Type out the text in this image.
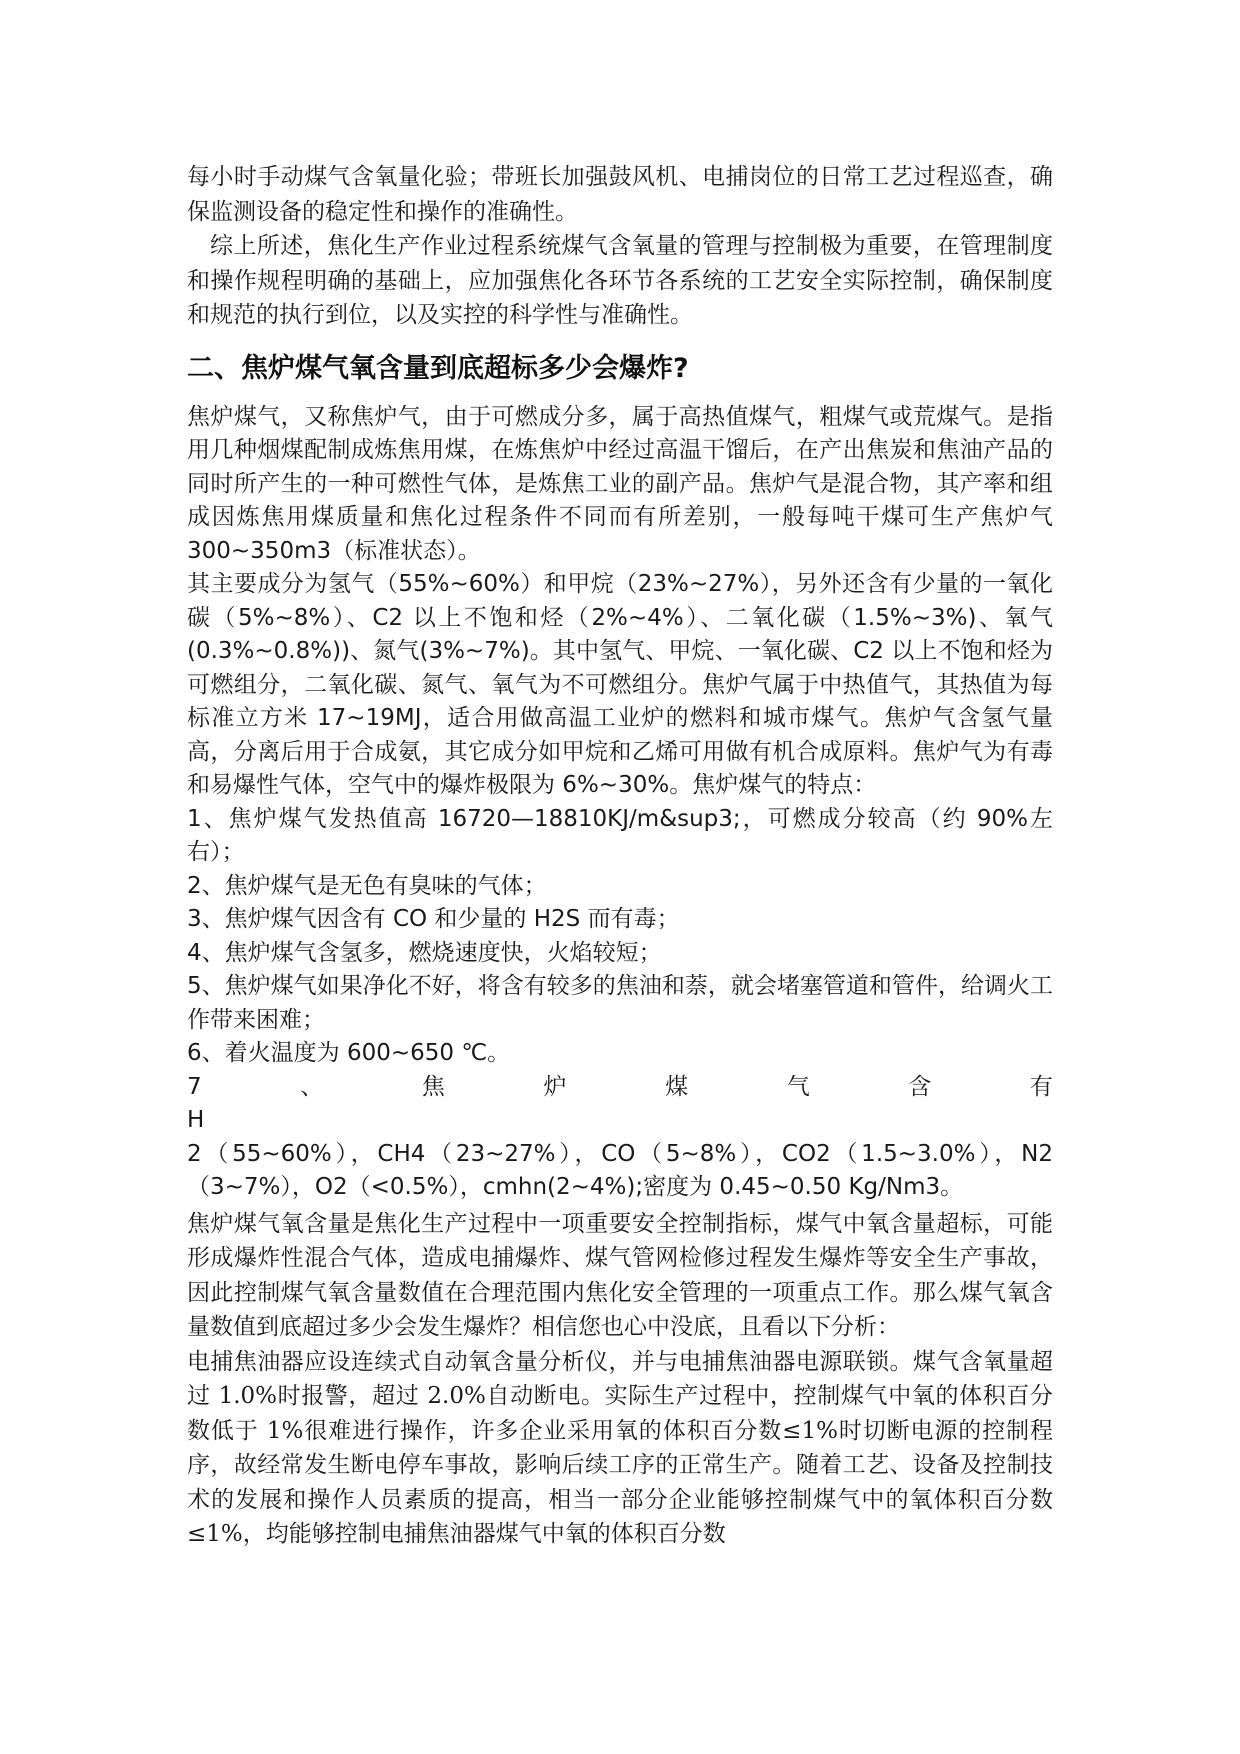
每小时手动煤气含氧量化验；带班长加强鼓风机、电捕岗位的日常工艺过程巡查，确保监测设备的稳定性和操作的准确性。

综上所述，焦化生产作业过程系统煤气含氧量的管理与控制极为重要，在管理制度和操作规程明确的基础上，应加强焦化各环节各系统的工艺安全实际控制，确保制度和规范的执行到位，以及实控的科学性与准确性。

二、焦炉煤气氧含量到底超标多少会爆炸?

焦炉煤气，又称焦炉气，由于可燃成分多，属于高热值煤气，粗煤气或荒煤气。是指用几种烟煤配制成炼焦用煤，在炼焦炉中经过高温干馏后，在产出焦炭和焦油产品的同时所产生的一种可燃性气体，是炼焦工业的副产品。焦炉气是混合物，其产率和组成因炼焦用煤质量和焦化过程条件不同而有所差别，一般每吨干煤可生产焦炉气 300~350m3（标准状态）。

其主要成分为氢气（55%~60%）和甲烷（23%~27%），另外还含有少量的一氧化碳（5%~8%）、C2 以上不饱和烃（2%~4%）、二氧化碳（1.5%~3%)、氧气(0.3%~0.8%))、氮气(3%~7%)。其中氢气、甲烷、一氧化碳、C2 以上不饱和烃为可燃组分，二氧化碳、氮气、氧气为不可燃组分。焦炉气属于中热值气，其热值为每标准立方米 17~19MJ，适合用做高温工业炉的燃料和城市煤气。焦炉气含氢气量高，分离后用于合成氨，其它成分如甲烷和乙烯可用做有机合成原料。焦炉气为有毒和易爆性气体，空气中的爆炸极限为 6%~30%。焦炉煤气的特点：

1、焦炉煤气发热值高 16720—18810KJ/m&sup3;，可燃成分较高（约 90%左右）；

2、焦炉煤气是无色有臭味的气体；

3、焦炉煤气因含有 CO 和少量的 H2S 而有毒；

4、焦炉煤气含氢多，燃烧速度快，火焰较短；

5、焦炉煤气如果净化不好，将含有较多的焦油和萘，就会堵塞管道和管件，给调火工作带来困难；

6、着火温度为 600~650 ℃。

7	、	焦	炉	煤	气	含	有

H

2（55~60%），CH4（23~27%），CO（5~8%），CO2（1.5~3.0%），N2（3~7%），O2（<0.5%），cmhn(2~4%);密度为 0.45~0.50 Kg/Nm3。

焦炉煤气氧含量是焦化生产过程中一项重要安全控制指标，煤气中氧含量超标，可能形成爆炸性混合气体，造成电捕爆炸、煤气管网检修过程发生爆炸等安全生产事故，因此控制煤气氧含量数值在合理范围内焦化安全管理的一项重点工作。那么煤气氧含量数值到底超过多少会发生爆炸？相信您也心中没底，且看以下分析：

电捕焦油器应设连续式自动氧含量分析仪，并与电捕焦油器电源联锁。煤气含氧量超过 1.0%时报警，超过 2.0%自动断电。实际生产过程中，控制煤气中氧的体积百分数低于 1%很难进行操作，许多企业采用氧的体积百分数≤1%时切断电源的控制程序，故经常发生断电停车事故，影响后续工序的正常生产。随着工艺、设备及控制技术的发展和操作人员素质的提高，相当一部分企业能够控制煤气中的氧体积百分数≤1%，均能够控制电捕焦油器煤气中氧的体积百分数
